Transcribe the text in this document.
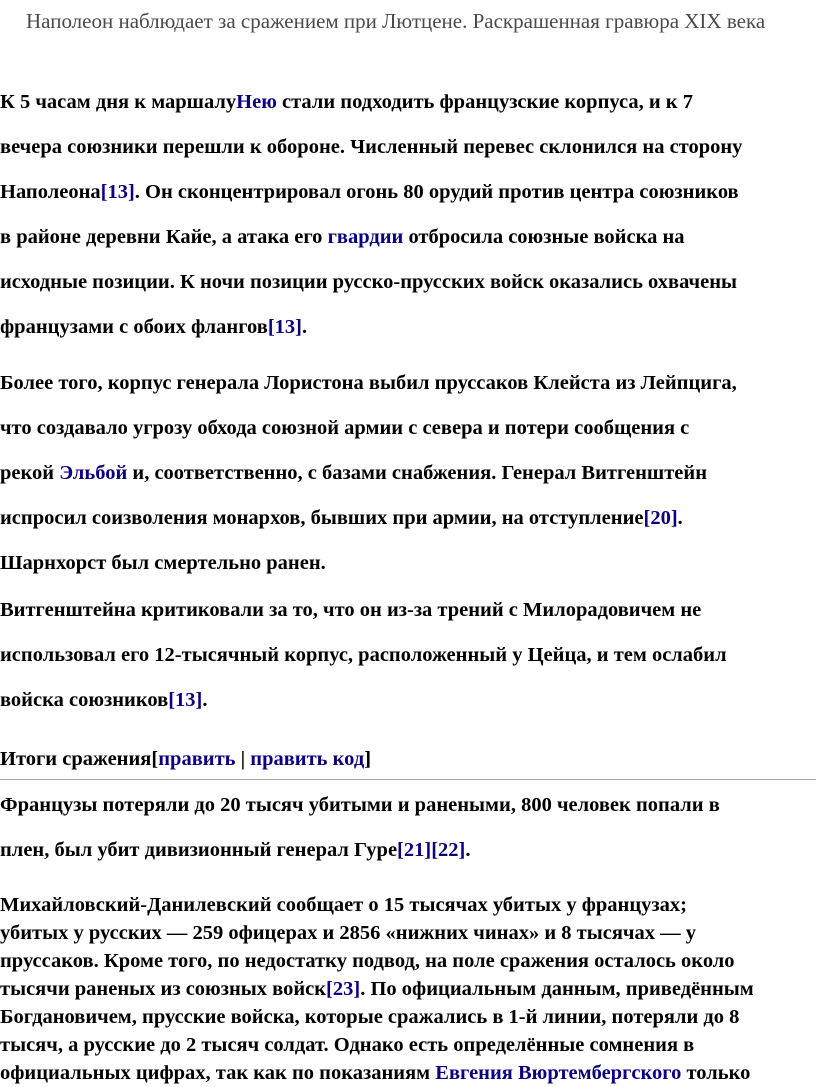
Наполеон наблюдает за сражением при Лютцене. Раскрашенная гравюра XIX века
К 5 часам дня к маршалуНею стали подходить французские корпуса, и к 7
вечера союзники перешли к обороне. Численный перевес склонился на сторону
Наполеона[13]. Он сконцентрировал огонь 80 орудий против центра союзников
в районе деревни Кайе, а атака его гвардии отбросила союзные войска на
исходные позиции. К ночи позиции русско-прусских войск оказались охвачены
французами с обоих флангов[13].
Более того, корпус генерала Лористона выбил пруссаков Клейста из Лейпцига,
что создавало угрозу обхода союзной армии с севера и потери сообщения с
рекой Эльбой и, соответственно, с базами снабжения. Генерал Витгенштейн
испросил соизволения монархов, бывших при армии, на отступление[20].
Шарнхорст был смертельно ранен.
Витгенштейна критиковали за то, что он из-за трений с Милорадовичем не
использовал его 12-тысячный корпус, расположенный у Цейца, и тем ослабил
войска союзников[13].
Итоги сражения[править | править код]
Французы потеряли до 20 тысяч убитыми и ранеными, 800 человек попали в
плен, был убит дивизионный генерал Гуре[21][22].
Михайловский-Данилевский сообщает о 15 тысячах убитых у французах;
убитых у русских — 259 офицерах и 2856 «нижних чинах» и 8 тысячах — у
пруссаков. Кроме того, по недостатку подвод, на поле сражения осталось около
тысячи раненых из союзных войск[23]. По официальным данным, приведённым
Богдановичем, прусские войска, которые сражались в 1-й линии, потеряли до 8
тысяч, а русские до 2 тысяч солдат. Однако есть определённые сомнения в
официальных цифрах, так как по показаниям Евгения Вюртембергского только
